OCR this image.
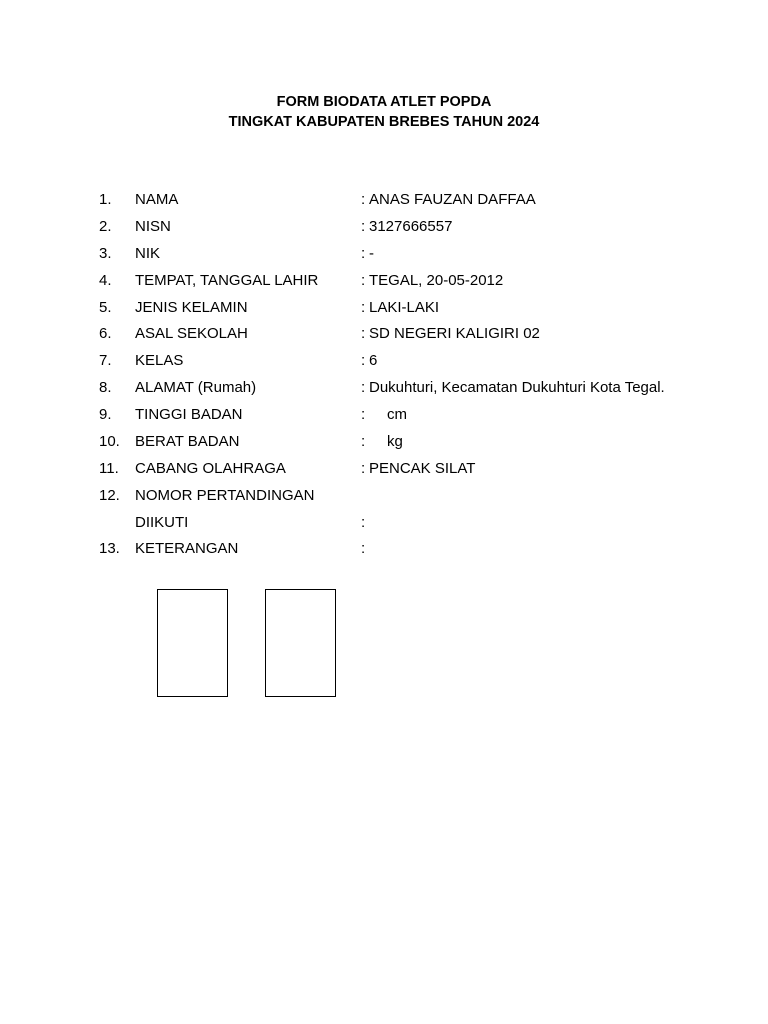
FORM BIODATA ATLET POPDA
TINGKAT KABUPATEN BREBES TAHUN 2024
1. NAMA	: ANAS FAUZAN DAFFAA
2. NISN	: 3127666557
3. NIK	: -
4. TEMPAT, TANGGAL LAHIR	: TEGAL, 20-05-2012
5. JENIS KELAMIN	: LAKI-LAKI
6. ASAL SEKOLAH	: SD NEGERI KALIGIRI 02
7. KELAS	: 6
8. ALAMAT (Rumah)	: Dukuhturi, Kecamatan Dukuhturi Kota Tegal.
9. TINGGI BADAN	: cm
10. BERAT BADAN	: kg
11. CABANG OLAHRAGA	: PENCAK SILAT
12. NOMOR PERTANDINGAN
DIIKUTI	:
13. KETERANGAN	:
